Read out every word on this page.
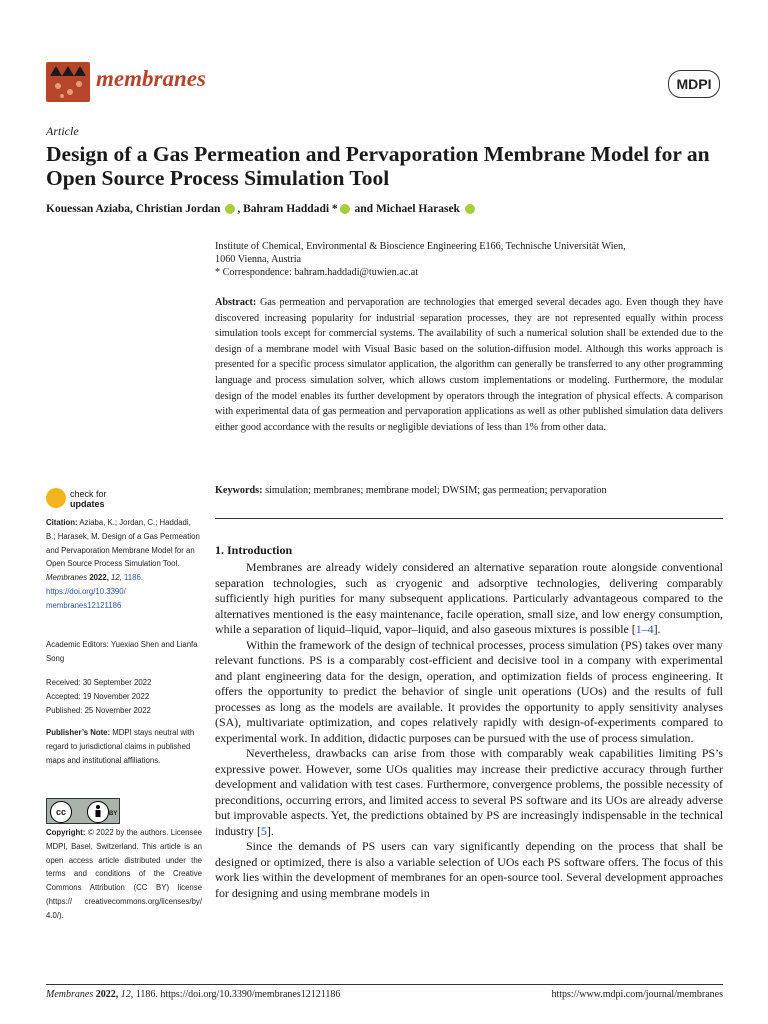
membranes	MDPI
Article
Design of a Gas Permeation and Pervaporation Membrane Model for an Open Source Process Simulation Tool
Kouessan Aziaba, Christian Jordan , Bahram Haddadi * and Michael Harasek
Institute of Chemical, Environmental & Bioscience Engineering E166, Technische Universität Wien,
1060 Vienna, Austria
* Correspondence: bahram.haddadi@tuwien.ac.at
Abstract: Gas permeation and pervaporation are technologies that emerged several decades ago. Even though they have discovered increasing popularity for industrial separation processes, they are not represented equally within process simulation tools except for commercial systems. The availability of such a numerical solution shall be extended due to the design of a membrane model with Visual Basic based on the solution-diffusion model. Although this works approach is presented for a specific process simulator application, the algorithm can generally be transferred to any other programming language and process simulation solver, which allows custom implementations or modeling. Furthermore, the modular design of the model enables its further development by operators through the integration of physical effects. A comparison with experimental data of gas permeation and pervaporation applications as well as other published simulation data delivers either good accordance with the results or negligible deviations of less than 1% from other data.
Keywords: simulation; membranes; membrane model; DWSIM; gas permeation; pervaporation
check for
updates
Citation: Aziaba, K.; Jordan, C.; Haddadi, B.; Harasek, M. Design of a Gas Permeation and Pervaporation Membrane Model for an Open Source Process Simulation Tool. Membranes 2022, 12, 1186. https://doi.org/10.3390/ membranes12121186
Academic Editors: Yuexiao Shen and Lianfa Song
Received: 30 September 2022
Accepted: 19 November 2022
Published: 25 November 2022
Publisher’s Note: MDPI stays neutral with regard to jurisdictional claims in published maps and institutional affiliations.
cc	BY
Copyright: © 2022 by the authors. Licensee MDPI, Basel, Switzerland. This article is an open access article distributed under the terms and conditions of the Creative Commons Attribution (CC BY) license (https:// creativecommons.org/licenses/by/ 4.0/).
1. Introduction

Membranes are already widely considered an alternative separation route alongside conventional separation technologies, such as cryogenic and adsorptive technologies, delivering comparably sufficiently high purities for many subsequent applications. Particularly advantageous compared to the alternatives mentioned is the easy maintenance, facile operation, small size, and low energy consumption, while a separation of liquid–liquid, vapor–liquid, and also gaseous mixtures is possible [1–4].

Within the framework of the design of technical processes, process simulation (PS) takes over many relevant functions. PS is a comparably cost-efficient and decisive tool in a company with experimental and plant engineering data for the design, operation, and optimization fields of process engineering. It offers the opportunity to predict the behavior of single unit operations (UOs) and the results of full processes as long as the models are available. It provides the opportunity to apply sensitivity analyses (SA), multivariate optimization, and copes relatively rapidly with design-of-experiments compared to experimental work. In addition, didactic purposes can be pursued with the use of process simulation.

Nevertheless, drawbacks can arise from those with comparably weak capabilities limiting PS’s expressive power. However, some UOs qualities may increase their predictive accuracy through further development and validation with test cases. Furthermore, convergence problems, the possible necessity of preconditions, occurring errors, and limited access to several PS software and its UOs are already adverse but improvable aspects. Yet, the predictions obtained by PS are increasingly indispensable in the technical industry [5].

Since the demands of PS users can vary significantly depending on the process that shall be designed or optimized, there is also a variable selection of UOs each PS software offers. The focus of this work lies within the development of membranes for an open-source tool. Several development approaches for designing and using membrane models in

Membranes 2022, 12, 1186. https://doi.org/10.3390/membranes12121186	https://www.mdpi.com/journal/membranes
